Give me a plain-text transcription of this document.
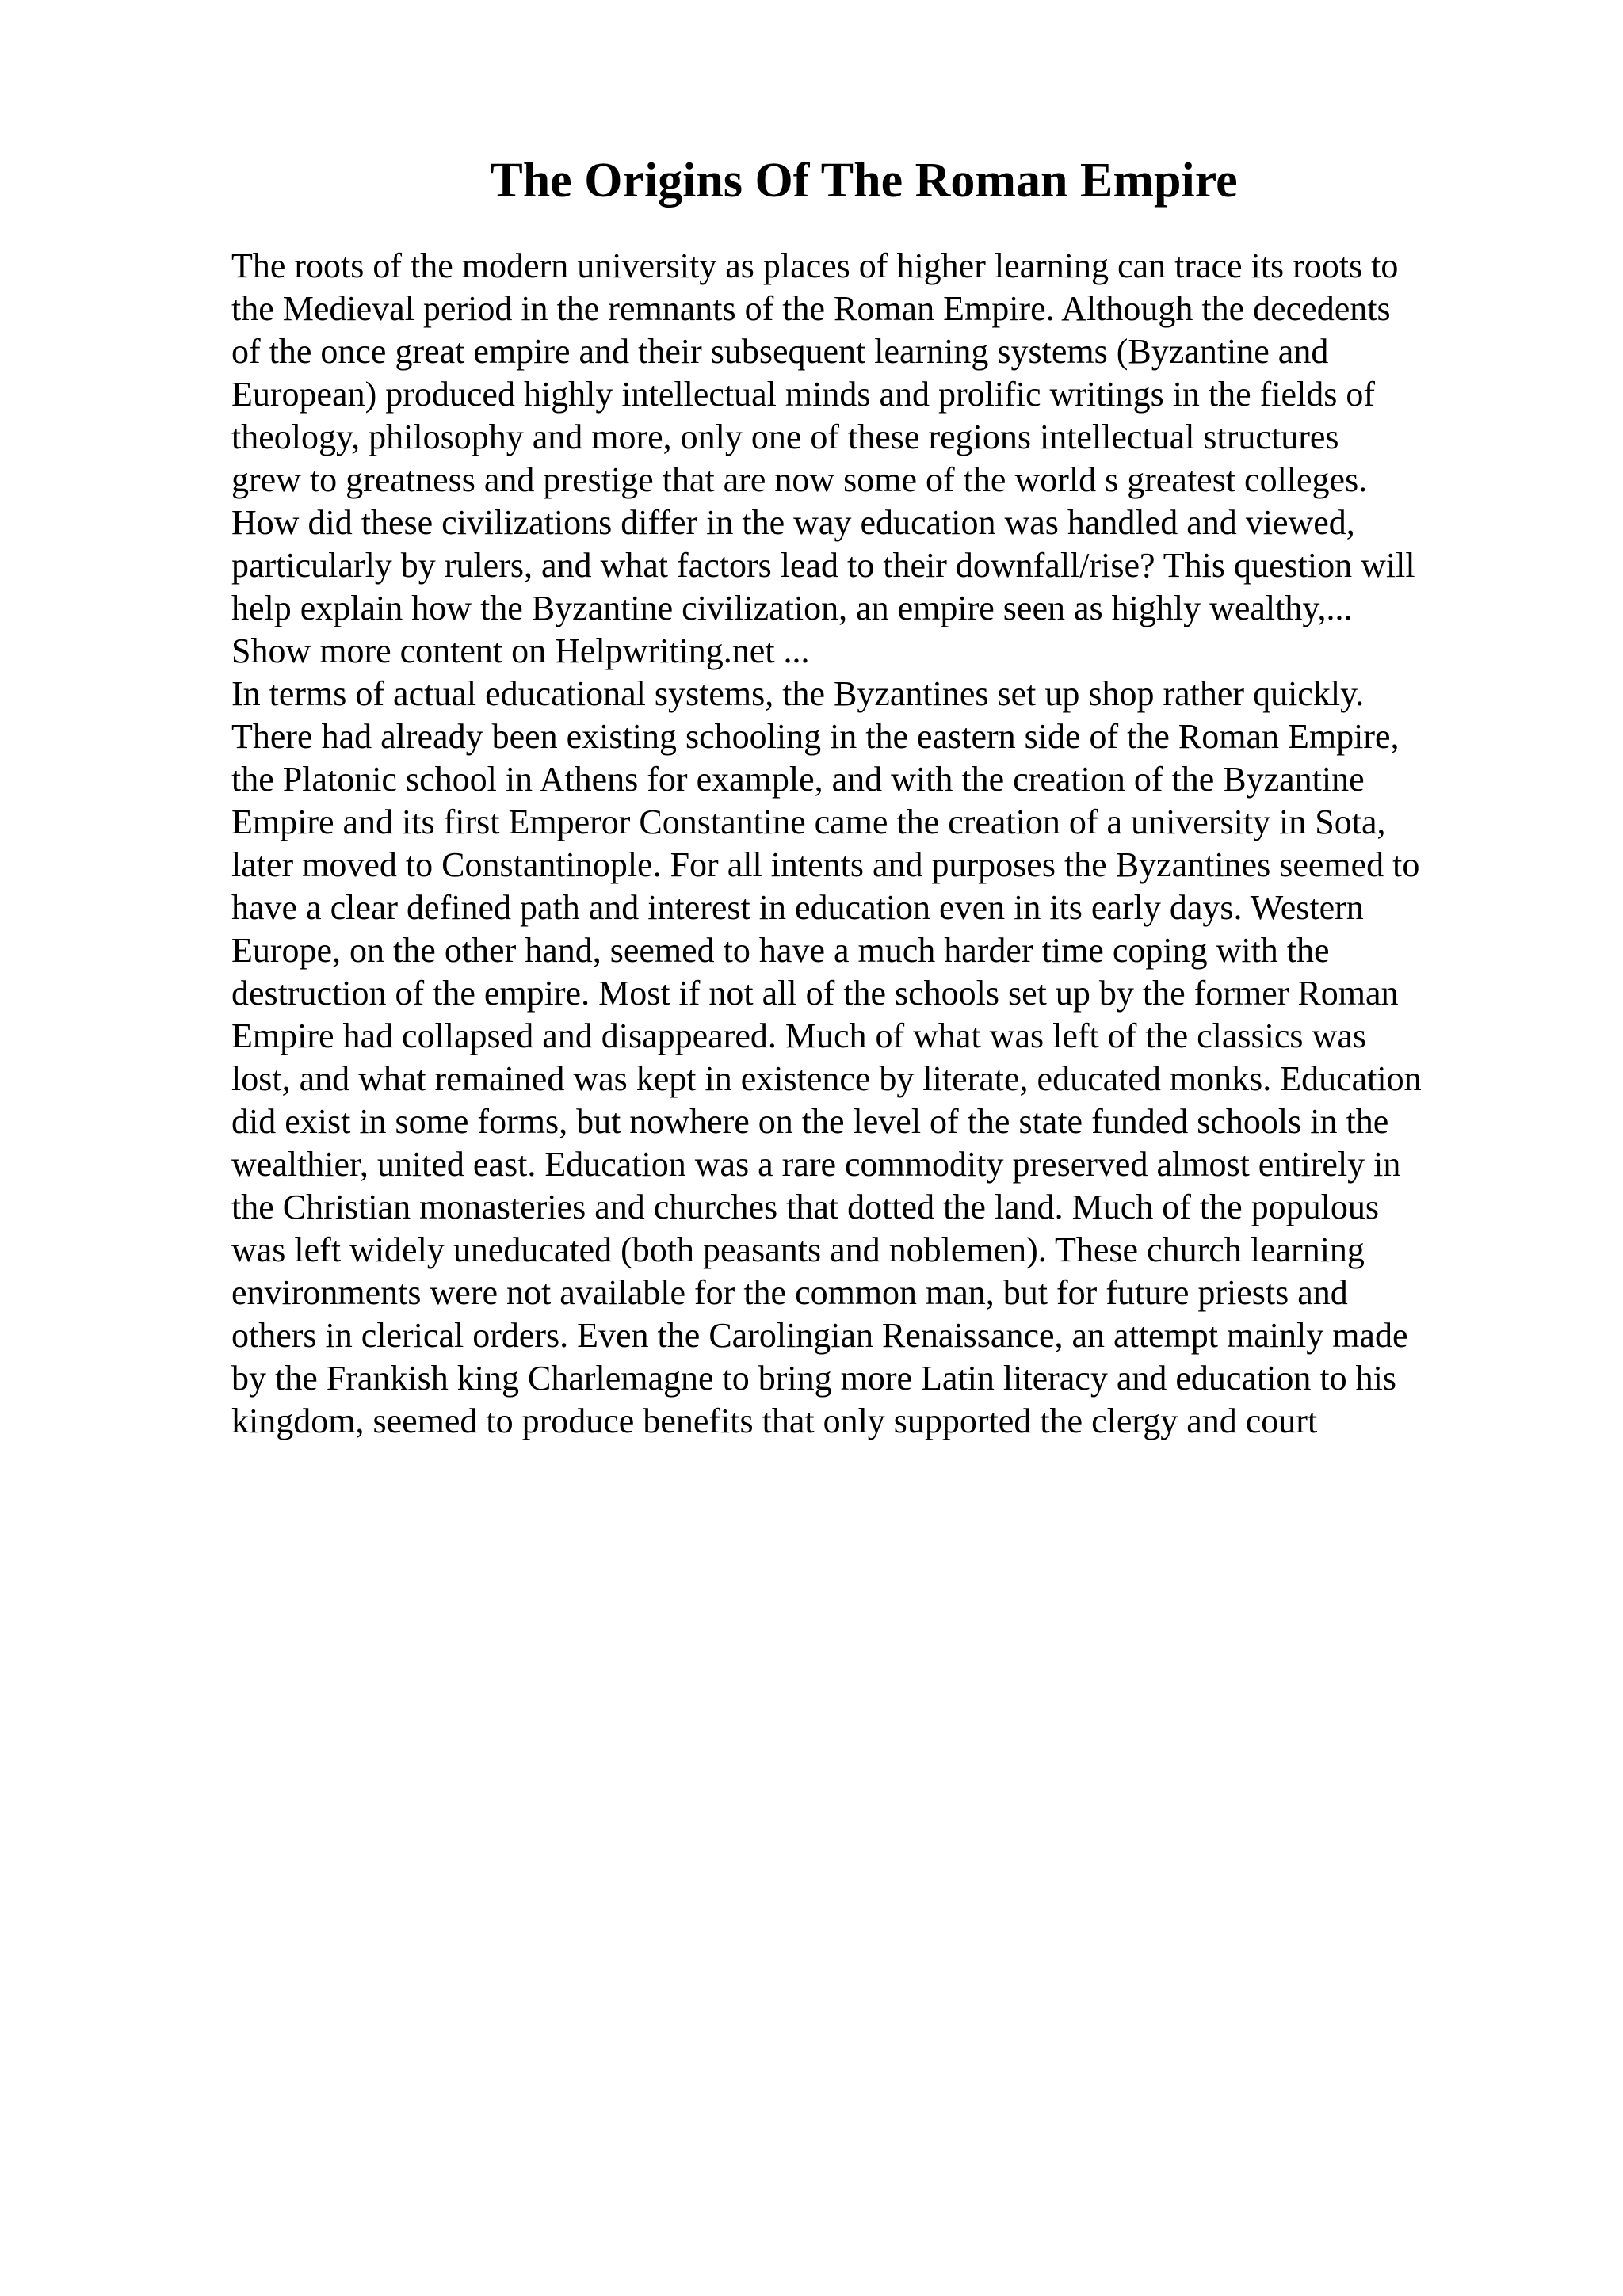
The Origins Of The Roman Empire
The roots of the modern university as places of higher learning can trace its roots to
the Medieval period in the remnants of the Roman Empire. Although the decedents
of the once great empire and their subsequent learning systems (Byzantine and
European) produced highly intellectual minds and prolific writings in the fields of
theology, philosophy and more, only one of these regions intellectual structures
grew to greatness and prestige that are now some of the world s greatest colleges.
How did these civilizations differ in the way education was handled and viewed,
particularly by rulers, and what factors lead to their downfall/rise? This question will
help explain how the Byzantine civilization, an empire seen as highly wealthy,...
Show more content on Helpwriting.net ...
In terms of actual educational systems, the Byzantines set up shop rather quickly.
There had already been existing schooling in the eastern side of the Roman Empire,
the Platonic school in Athens for example, and with the creation of the Byzantine
Empire and its first Emperor Constantine came the creation of a university in Sota,
later moved to Constantinople. For all intents and purposes the Byzantines seemed to
have a clear defined path and interest in education even in its early days. Western
Europe, on the other hand, seemed to have a much harder time coping with the
destruction of the empire. Most if not all of the schools set up by the former Roman
Empire had collapsed and disappeared. Much of what was left of the classics was
lost, and what remained was kept in existence by literate, educated monks. Education
did exist in some forms, but nowhere on the level of the state funded schools in the
wealthier, united east. Education was a rare commodity preserved almost entirely in
the Christian monasteries and churches that dotted the land. Much of the populous
was left widely uneducated (both peasants and noblemen). These church learning
environments were not available for the common man, but for future priests and
others in clerical orders. Even the Carolingian Renaissance, an attempt mainly made
by the Frankish king Charlemagne to bring more Latin literacy and education to his
kingdom, seemed to produce benefits that only supported the clergy and court
